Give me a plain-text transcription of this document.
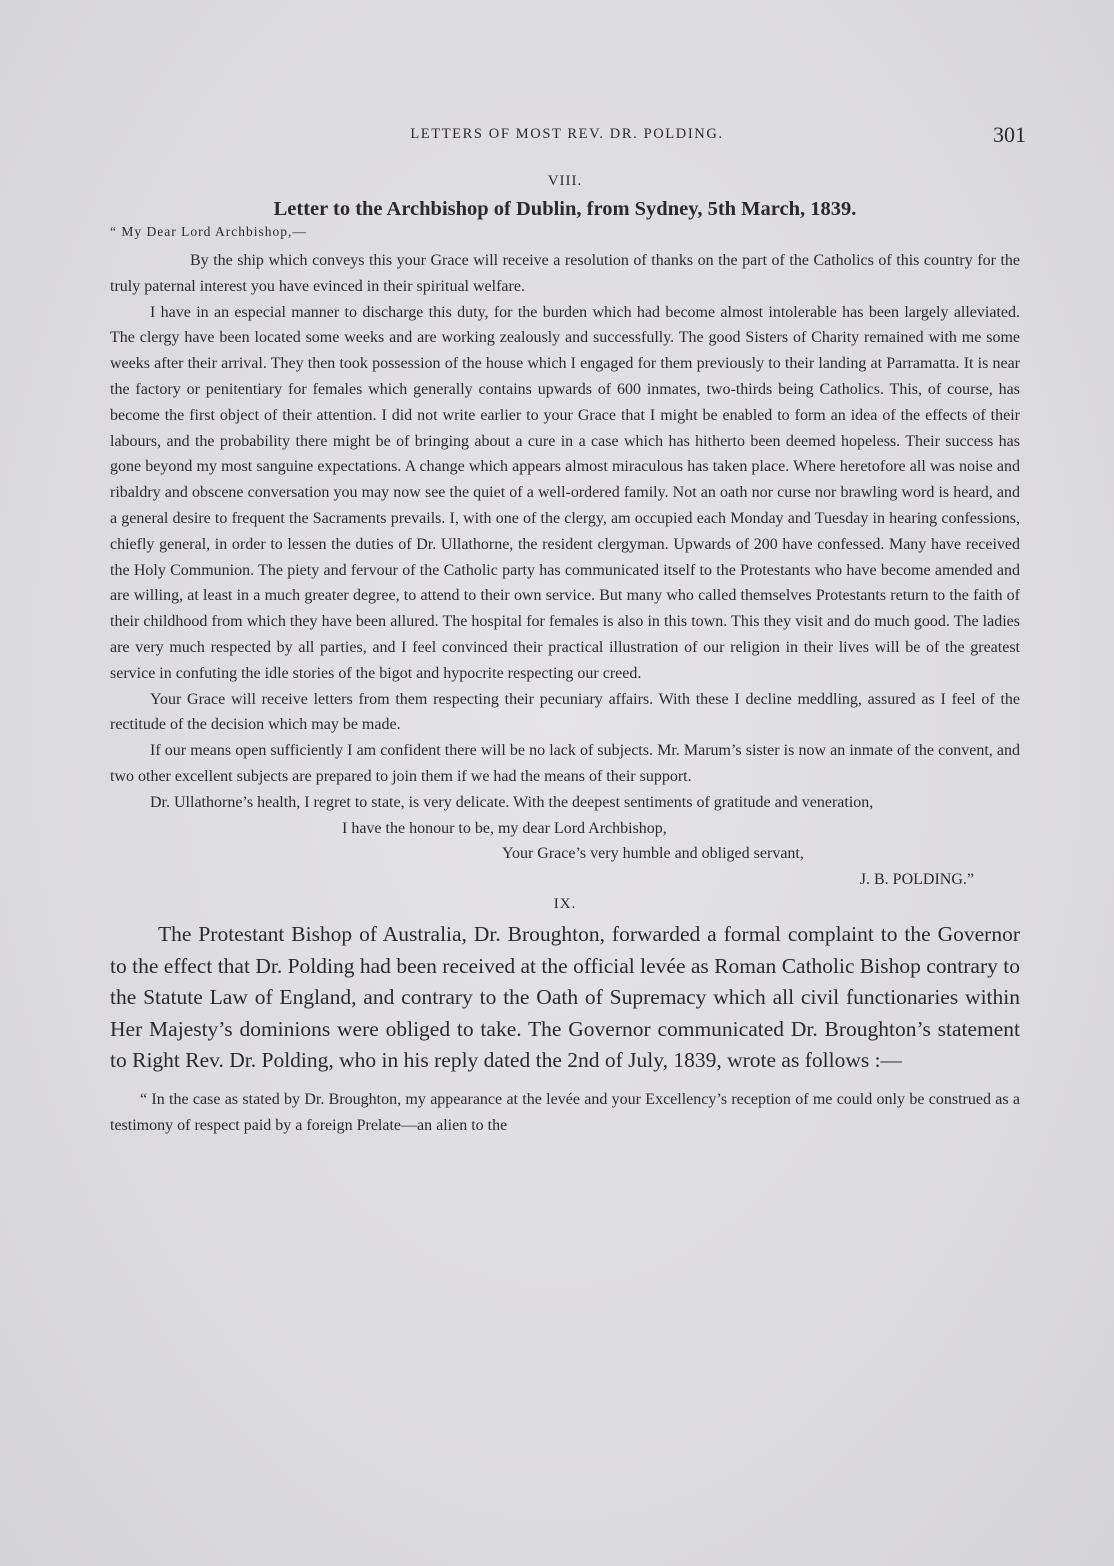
LETTERS OF MOST REV. DR. POLDING.	301
VIII.
Letter to the Archbishop of Dublin, from Sydney, 5th March, 1839.
“ My Dear Lord Archbishop,—

By the ship which conveys this your Grace will receive a resolution of thanks on the part of the Catholics of this country for the truly paternal interest you have evinced in their spiritual welfare.

I have in an especial manner to discharge this duty, for the burden which had become almost intolerable has been largely alleviated. The clergy have been located some weeks and are working zealously and successfully. The good Sisters of Charity remained with me some weeks after their arrival. They then took possession of the house which I engaged for them previously to their landing at Parramatta. It is near the factory or penitentiary for females which generally contains upwards of 600 inmates, two-thirds being Catholics. This, of course, has become the first object of their attention. I did not write earlier to your Grace that I might be enabled to form an idea of the effects of their labours, and the probability there might be of bringing about a cure in a case which has hitherto been deemed hopeless. Their success has gone beyond my most sanguine expectations. A change which appears almost miraculous has taken place. Where heretofore all was noise and ribaldry and obscene conversation you may now see the quiet of a well-ordered family. Not an oath nor curse nor brawling word is heard, and a general desire to frequent the Sacraments prevails. I, with one of the clergy, am occupied each Monday and Tuesday in hearing confessions, chiefly general, in order to lessen the duties of Dr. Ullathorne, the resident clergyman. Upwards of 200 have confessed. Many have received the Holy Communion. The piety and fervour of the Catholic party has communicated itself to the Protestants who have become amended and are willing, at least in a much greater degree, to attend to their own service. But many who called themselves Protestants return to the faith of their childhood from which they have been allured. The hospital for females is also in this town. This they visit and do much good. The ladies are very much respected by all parties, and I feel convinced their practical illustration of our religion in their lives will be of the greatest service in confuting the idle stories of the bigot and hypocrite respecting our creed.

Your Grace will receive letters from them respecting their pecuniary affairs. With these I decline meddling, assured as I feel of the rectitude of the decision which may be made.

If our means open sufficiently I am confident there will be no lack of subjects. Mr. Marum’s sister is now an inmate of the convent, and two other excellent subjects are prepared to join them if we had the means of their support.

Dr. Ullathorne’s health, I regret to state, is very delicate. With the deepest sentiments of gratitude and veneration,

I have the honour to be, my dear Lord Archbishop,
Your Grace’s very humble and obliged servant,
J. B. POLDING.”
IX.

The Protestant Bishop of Australia, Dr. Broughton, forwarded a formal complaint to the Governor to the effect that Dr. Polding had been received at the official levée as Roman Catholic Bishop contrary to the Statute Law of England, and contrary to the Oath of Supremacy which all civil functionaries within Her Majesty’s dominions were obliged to take. The Governor communicated Dr. Broughton’s statement to Right Rev. Dr. Polding, who in his reply dated the 2nd of July, 1839, wrote as follows :—

“ In the case as stated by Dr. Broughton, my appearance at the levée and your Excellency’s reception of me could only be construed as a testimony of respect paid by a foreign Prelate—an alien to the
